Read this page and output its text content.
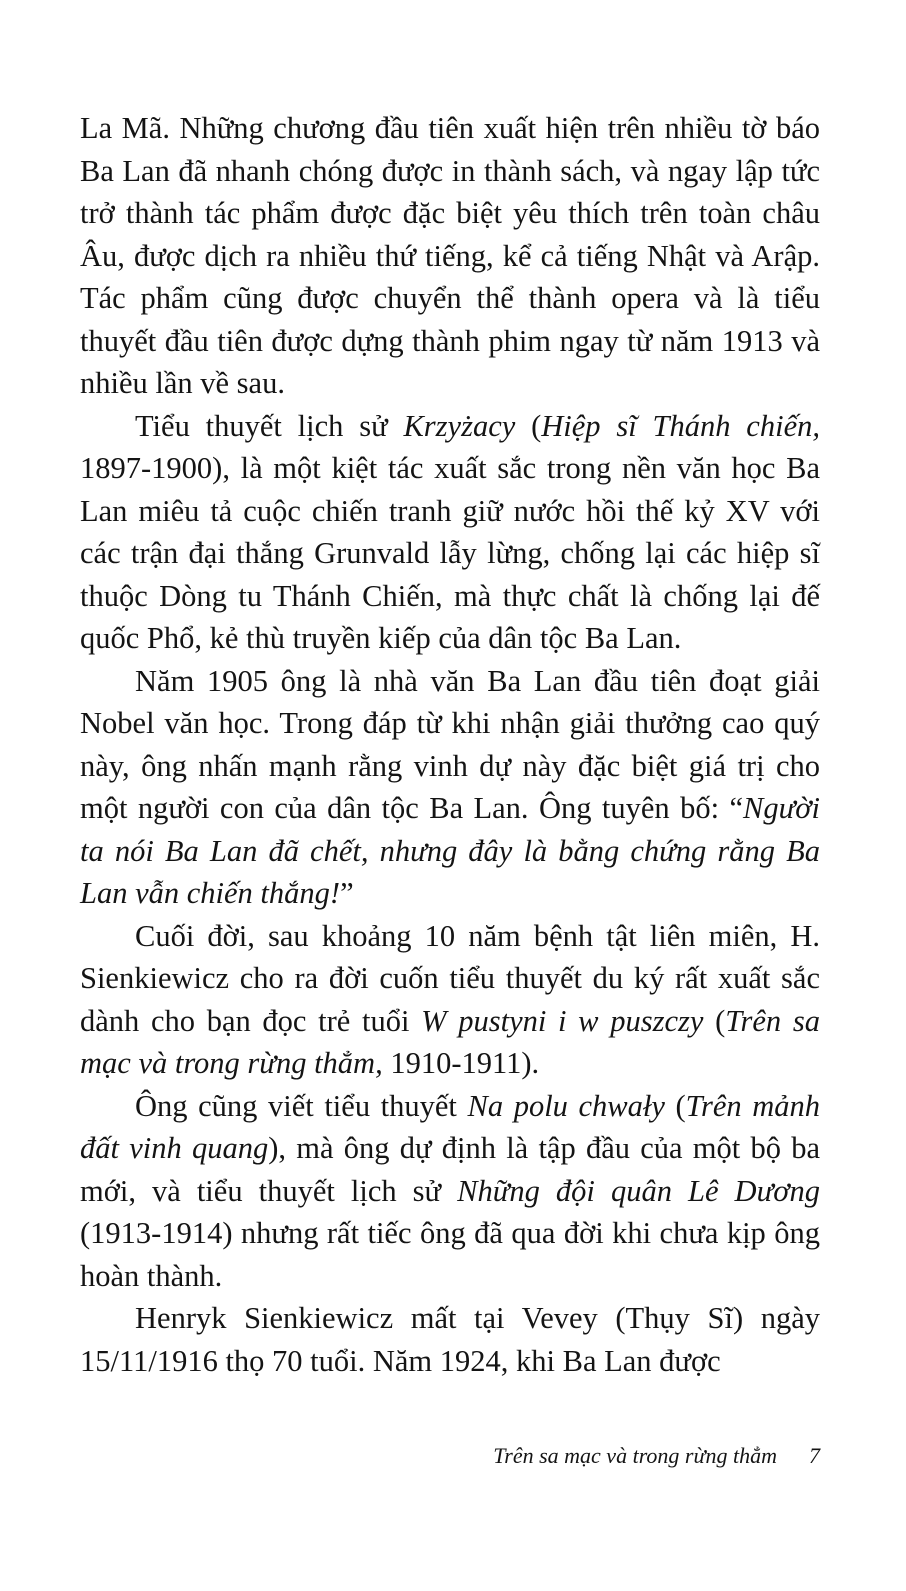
La Mã. Những chương đầu tiên xuất hiện trên nhiều tờ báo Ba Lan đã nhanh chóng được in thành sách, và ngay lập tức trở thành tác phẩm được đặc biệt yêu thích trên toàn châu Âu, được dịch ra nhiều thứ tiếng, kể cả tiếng Nhật và Arập. Tác phẩm cũng được chuyển thể thành opera và là tiểu thuyết đầu tiên được dựng thành phim ngay từ năm 1913 và nhiều lần về sau.

Tiểu thuyết lịch sử Krzyżacy (Hiệp sĩ Thánh chiến, 1897-1900), là một kiệt tác xuất sắc trong nền văn học Ba Lan miêu tả cuộc chiến tranh giữ nước hồi thế kỷ XV với các trận đại thắng Grunvald lẫy lừng, chống lại các hiệp sĩ thuộc Dòng tu Thánh Chiến, mà thực chất là chống lại đế quốc Phổ, kẻ thù truyền kiếp của dân tộc Ba Lan.

Năm 1905 ông là nhà văn Ba Lan đầu tiên đoạt giải Nobel văn học. Trong đáp từ khi nhận giải thưởng cao quý này, ông nhấn mạnh rằng vinh dự này đặc biệt giá trị cho một người con của dân tộc Ba Lan. Ông tuyên bố: “Người ta nói Ba Lan đã chết, nhưng đây là bằng chứng rằng Ba Lan vẫn chiến thắng!”

Cuối đời, sau khoảng 10 năm bệnh tật liên miên, H. Sienkiewicz cho ra đời cuốn tiểu thuyết du ký rất xuất sắc dành cho bạn đọc trẻ tuổi W pustyni i w puszczy (Trên sa mạc và trong rừng thẳm, 1910-1911).

Ông cũng viết tiểu thuyết Na polu chwały (Trên mảnh đất vinh quang), mà ông dự định là tập đầu của một bộ ba mới, và tiểu thuyết lịch sử Những đội quân Lê Dương (1913-1914) nhưng rất tiếc ông đã qua đời khi chưa kịp ông hoàn thành.

Henryk Sienkiewicz mất tại Vevey (Thụy Sĩ) ngày 15/11/1916 thọ 70 tuổi. Năm 1924, khi Ba Lan được

Trên sa mạc và trong rừng thẳm 7
